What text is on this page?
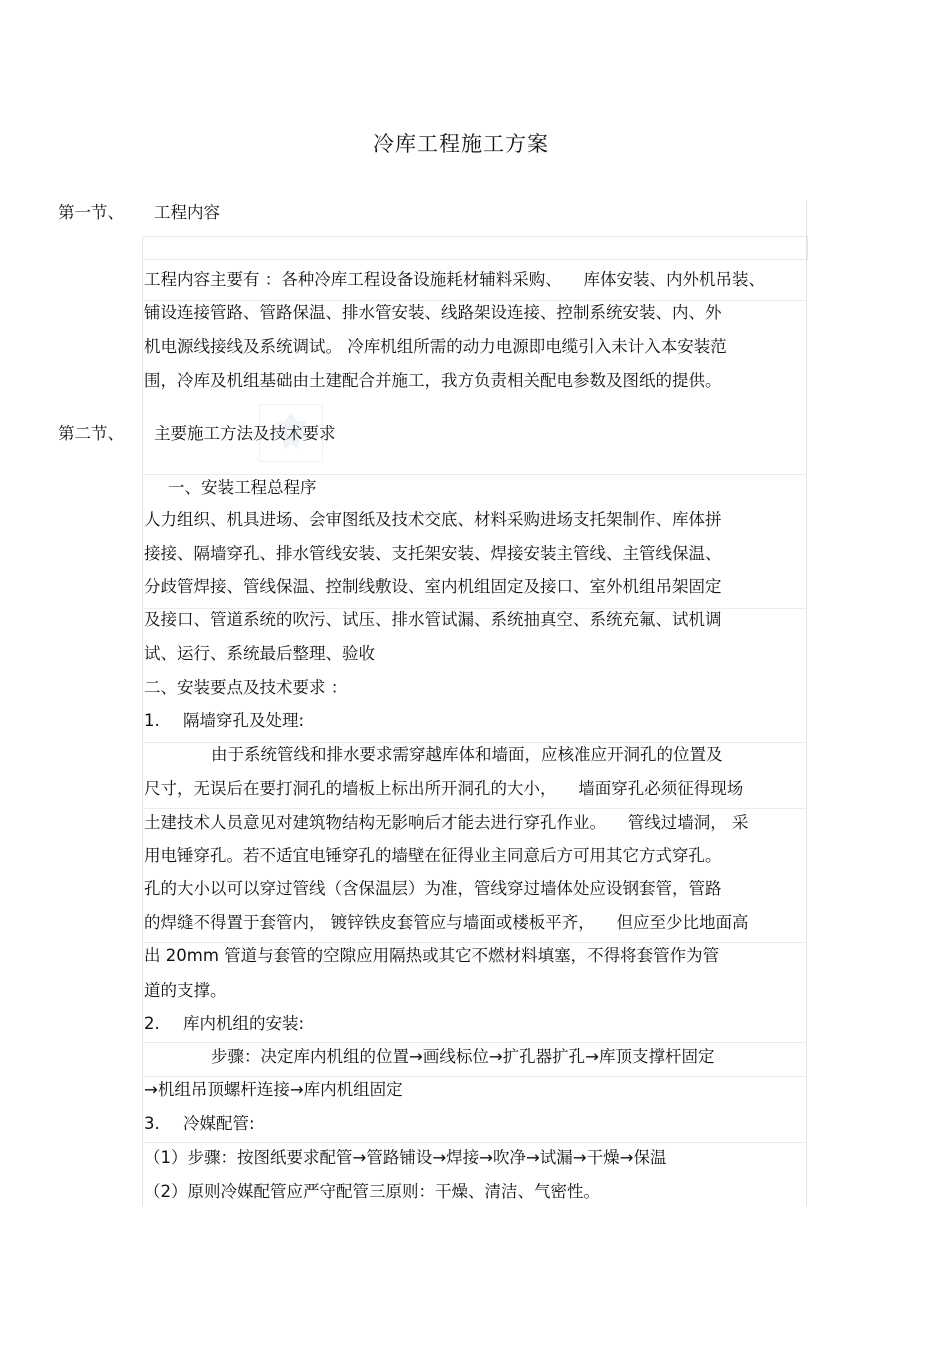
冷库工程施工方案
第一节、 工程内容
工程内容主要有 ：各种冷库工程设备设施耗材辅料采购、 　库体安装、内外机吊装、
铺设连接管路、管路保温、排水管安装、线路架设连接、控制系统安装、内、外
机电源线接线及系统调试。 冷库机组所需的动力电源即电缆引入未计入本安装范
围，冷库及机组基础由土建配合并施工，我方负责相关配电参数及图纸的提供。
第二节、 主要施工方法及技术要求
一、安装工程总程序
人力组织、机具进场、会审图纸及技术交底、材料采购进场支托架制作、库体拼
接接、隔墙穿孔、排水管线安装、支托架安装、焊接安装主管线、主管线保温、
分歧管焊接、管线保温、控制线敷设、室内机组固定及接口、室外机组吊架固定
及接口、管道系统的吹污、试压、排水管试漏、系统抽真空、系统充氟、试机调
试、运行、系统最后整理、验收
二、安装要点及技术要求 ：
1. 隔墙穿孔及处理:
由于系统管线和排水要求需穿越库体和墙面，应核准应开洞孔的位置及
尺寸，无误后在要打洞孔的墙板上标出所开洞孔的大小， 　墙面穿孔必须征得现场
土建技术人员意见对建筑物结构无影响后才能去进行穿孔作业。 　管线过墙洞， 采
用电锤穿孔。若不适宜电锤穿孔的墙壁在征得业主同意后方可用其它方式穿孔。
孔的大小以可以穿过管线（含保温层）为准，管线穿过墙体处应设钢套管，管路
的焊缝不得置于套管内， 镀锌铁皮套管应与墙面或楼板平齐， 　但应至少比地面高
出 20mm 管道与套管的空隙应用隔热或其它不燃材料填塞，不得将套管作为管
道的支撑。
2. 库内机组的安装:
步骤：决定库内机组的位置→画线标位→扩孔器扩孔→库顶支撑杆固定
→机组吊顶螺杆连接→库内机组固定
3. 冷媒配管:
（1）步骤：按图纸要求配管→管路铺设→焊接→吹净→试漏→干燥→保温
（2）原则冷媒配管应严守配管三原则：干燥、清洁、气密性。
